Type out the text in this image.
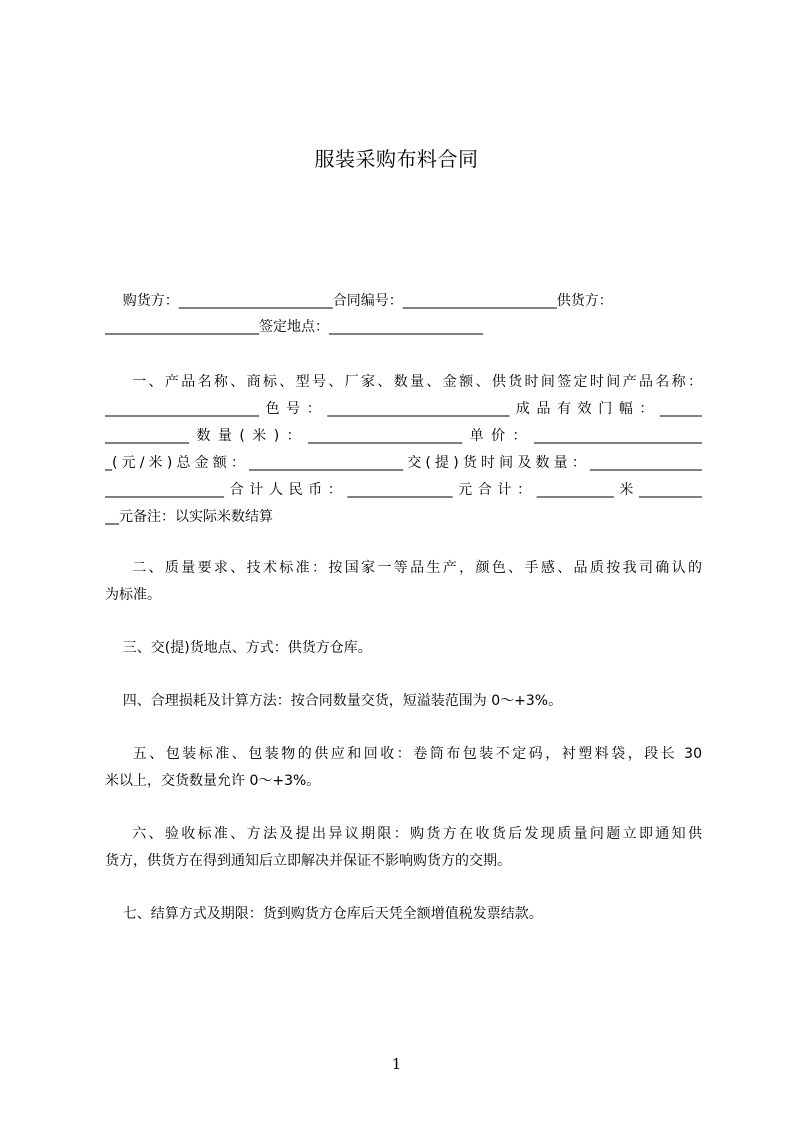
服装采购布料合同
购货方：______________________合同编号：______________________供货方：
______________________签定地点：______________________
一、产品名称、商标、型号、厂家、数量、金额、供货时间签定时间产品名称：
______________________色号：__________________________成品有效门幅：______
____________数量(米)：______________________单价：________________________
_(元/米)总金额：______________________交(提)货时间及数量：________________
_________________合计人民币：_______________元合计：___________米_________
__元备注：以实际米数结算
二、质量要求、技术标准：按国家一等品生产，颜色、手感、品质按我司确认的
为标准。
三、交(提)货地点、方式：供货方仓库。
四、合理损耗及计算方法：按合同数量交货，短溢装范围为 0～+3%。
五、包装标准、包装物的供应和回收：卷筒布包装不定码，衬塑料袋，段长 30
米以上，交货数量允许 0～+3%。
六、验收标准、方法及提出异议期限：购货方在收货后发现质量问题立即通知供
货方，供货方在得到通知后立即解决并保证不影响购货方的交期。
七、结算方式及期限：货到购货方仓库后天凭全额增值税发票结款。
1
